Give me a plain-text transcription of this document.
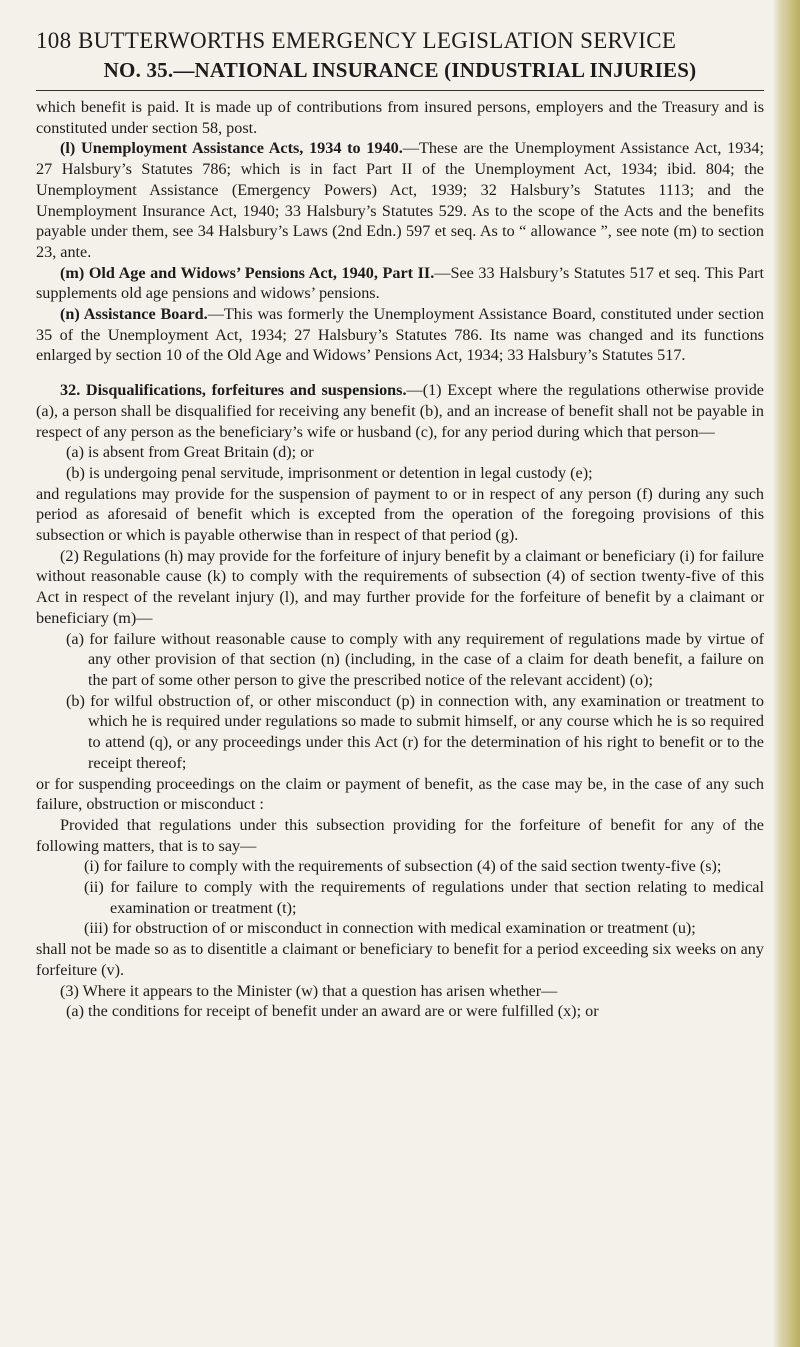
108 BUTTERWORTHS EMERGENCY LEGISLATION SERVICE
NO. 35.—NATIONAL INSURANCE (INDUSTRIAL INJURIES)

which benefit is paid. It is made up of contributions from insured persons, employers and the Treasury and is constituted under section 58, post.

(l) Unemployment Assistance Acts, 1934 to 1940.—These are the Unemployment Assistance Act, 1934; 27 Halsbury’s Statutes 786; which is in fact Part II of the Unemployment Act, 1934; ibid. 804; the Unemployment Assistance (Emergency Powers) Act, 1939; 32 Halsbury’s Statutes 1113; and the Unemployment Insurance Act, 1940; 33 Halsbury’s Statutes 529. As to the scope of the Acts and the benefits payable under them, see 34 Halsbury’s Laws (2nd Edn.) 597 et seq. As to “ allowance ”, see note (m) to section 23, ante.

(m) Old Age and Widows’ Pensions Act, 1940, Part II.—See 33 Halsbury’s Statutes 517 et seq. This Part supplements old age pensions and widows’ pensions.

(n) Assistance Board.—This was formerly the Unemployment Assistance Board, constituted under section 35 of the Unemployment Act, 1934; 27 Halsbury’s Statutes 786. Its name was changed and its functions enlarged by section 10 of the Old Age and Widows’ Pensions Act, 1934; 33 Halsbury’s Statutes 517.

32. Disqualifications, forfeitures and suspensions.—(1) Except where the regulations otherwise provide (a), a person shall be disqualified for receiving any benefit (b), and an increase of benefit shall not be payable in respect of any person as the beneficiary’s wife or husband (c), for any period during which that person—

(a) is absent from Great Britain (d); or

(b) is undergoing penal servitude, imprisonment or detention in legal custody (e);

and regulations may provide for the suspension of payment to or in respect of any person (f) during any such period as aforesaid of benefit which is excepted from the operation of the foregoing provisions of this subsection or which is payable otherwise than in respect of that period (g).

(2) Regulations (h) may provide for the forfeiture of injury benefit by a claimant or beneficiary (i) for failure without reasonable cause (k) to comply with the requirements of subsection (4) of section twenty-five of this Act in respect of the revelant injury (l), and may further provide for the forfeiture of benefit by a claimant or beneficiary (m)—

(a) for failure without reasonable cause to comply with any requirement of regulations made by virtue of any other provision of that section (n) (including, in the case of a claim for death benefit, a failure on the part of some other person to give the prescribed notice of the relevant accident) (o);

(b) for wilful obstruction of, or other misconduct (p) in connection with, any examination or treatment to which he is required under regulations so made to submit himself, or any course which he is so required to attend (q), or any proceedings under this Act (r) for the determination of his right to benefit or to the receipt thereof;

or for suspending proceedings on the claim or payment of benefit, as the case may be, in the case of any such failure, obstruction or misconduct :

Provided that regulations under this subsection providing for the forfeiture of benefit for any of the following matters, that is to say—

(i) for failure to comply with the requirements of subsection (4) of the said section twenty-five (s);

(ii) for failure to comply with the requirements of regulations under that section relating to medical examination or treatment (t);

(iii) for obstruction of or misconduct in connection with medical examination or treatment (u);

shall not be made so as to disentitle a claimant or beneficiary to benefit for a period exceeding six weeks on any forfeiture (v).

(3) Where it appears to the Minister (w) that a question has arisen whether—

(a) the conditions for receipt of benefit under an award are or were fulfilled (x); or
